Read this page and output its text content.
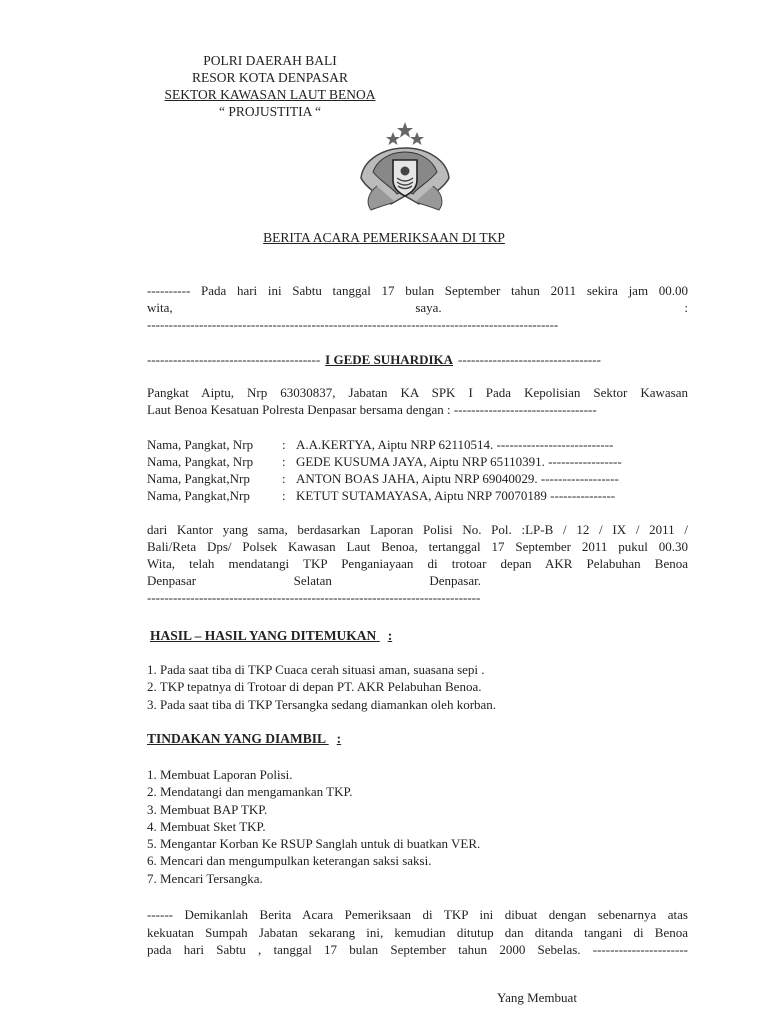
POLRI DAERAH BALI
RESOR KOTA DENPASAR
SEKTOR KAWASAN LAUT BENOA
“ PROJUSTITIA “
BERITA ACARA PEMERIKSAAN DI TKP
---------- Pada hari ini Sabtu tanggal 17 bulan September tahun 2011 sekira jam 00.00
wita,	saya.	:
-----------------------------------------------------------------------------------------------
---------------------------------------- I GEDE SUHARDIKA ---------------------------------
Pangkat Aiptu, Nrp 63030837, Jabatan KA SPK I Pada Kepolisian Sektor Kawasan
Laut Benoa Kesatuan Polresta Denpasar bersama dengan : ---------------------------------
Nama, Pangkat, Nrp	: A.A.KERTYA, Aiptu NRP 62110514. ---------------------------
Nama, Pangkat, Nrp	: GEDE KUSUMA JAYA, Aiptu NRP 65110391. -----------------
Nama, Pangkat,Nrp	: ANTON BOAS JAHA, Aiptu NRP 69040029. ------------------
Nama, Pangkat,Nrp	: KETUT SUTAMAYASA, Aiptu NRP 70070189 ---------------
dari Kantor yang sama, berdasarkan Laporan Polisi No. Pol. :LP-B / 12 / IX / 2011 /
Bali/Reta Dps/ Polsek Kawasan Laut Benoa, tertanggal 17 September 2011 pukul 00.30
Wita, telah mendatangi TKP Penganiayaan di trotoar depan AKR Pelabuhan Benoa
Denpasar                              Selatan                              Denpasar.
-----------------------------------------------------------------------------
HASIL – HASIL YANG DITEMUKAN :
1. Pada saat tiba di TKP Cuaca cerah situasi aman, suasana sepi .
2. TKP tepatnya di Trotoar di depan PT. AKR Pelabuhan Benoa.
3. Pada saat tiba di TKP Tersangka sedang diamankan oleh korban.
TINDAKAN YANG DIAMBIL :
1. Membuat Laporan Polisi.
2. Mendatangi dan mengamankan TKP.
3. Membuat BAP TKP.
4. Membuat Sket TKP.
5. Mengantar Korban Ke RSUP Sanglah untuk di buatkan VER.
6. Mencari dan mengumpulkan keterangan saksi saksi.
7. Mencari Tersangka.
------ Demikanlah Berita Acara Pemeriksaan di TKP ini dibuat dengan sebenarnya atas
kekuatan Sumpah Jabatan sekarang ini, kemudian ditutup dan ditanda tangani di Benoa
pada hari Sabtu , tanggal 17 bulan September tahun 2000 Sebelas. ----------------------
Yang Membuat
